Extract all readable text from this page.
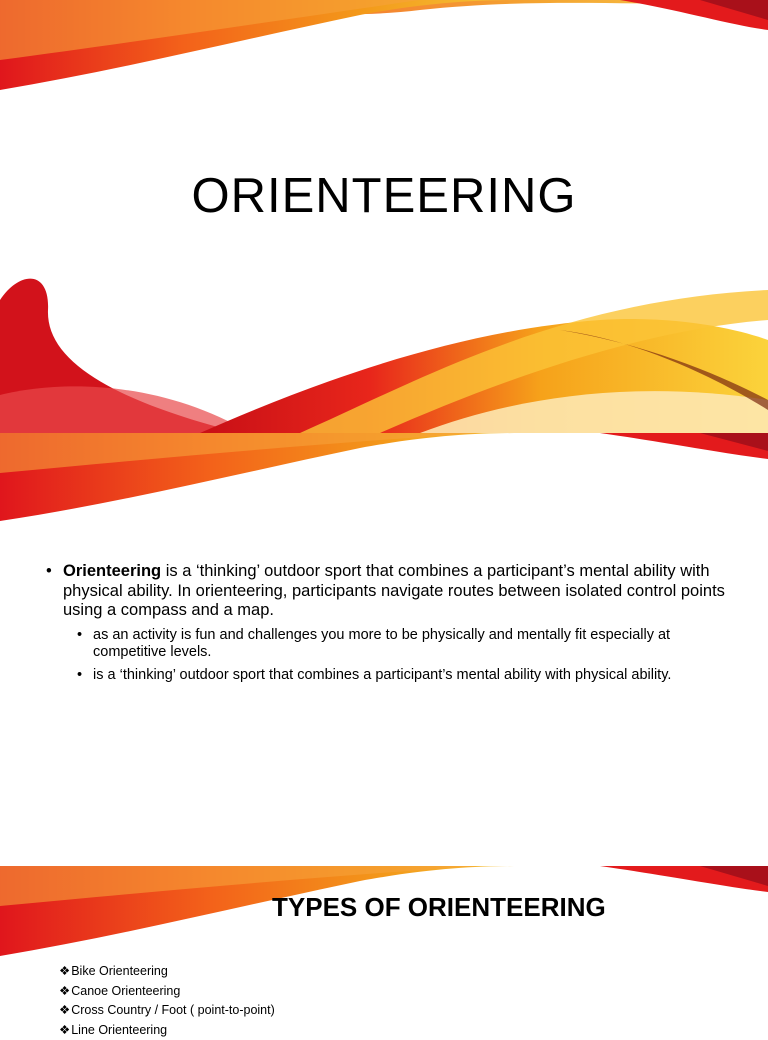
ORIENTEERING
• Orienteering is a ‘thinking’ outdoor sport that combines a participant’s mental ability with physical ability. In orienteering, participants navigate routes between isolated control points using a compass and a map.
• as an activity is fun and challenges you more to be physically and mentally fit especially at competitive levels.
• is a ‘thinking’ outdoor sport that combines a participant’s mental ability with physical ability.
TYPES OF ORIENTEERING
❖Bike Orienteering
❖Canoe Orienteering
❖Cross Country / Foot ( point-to-point)
❖Line Orienteering
